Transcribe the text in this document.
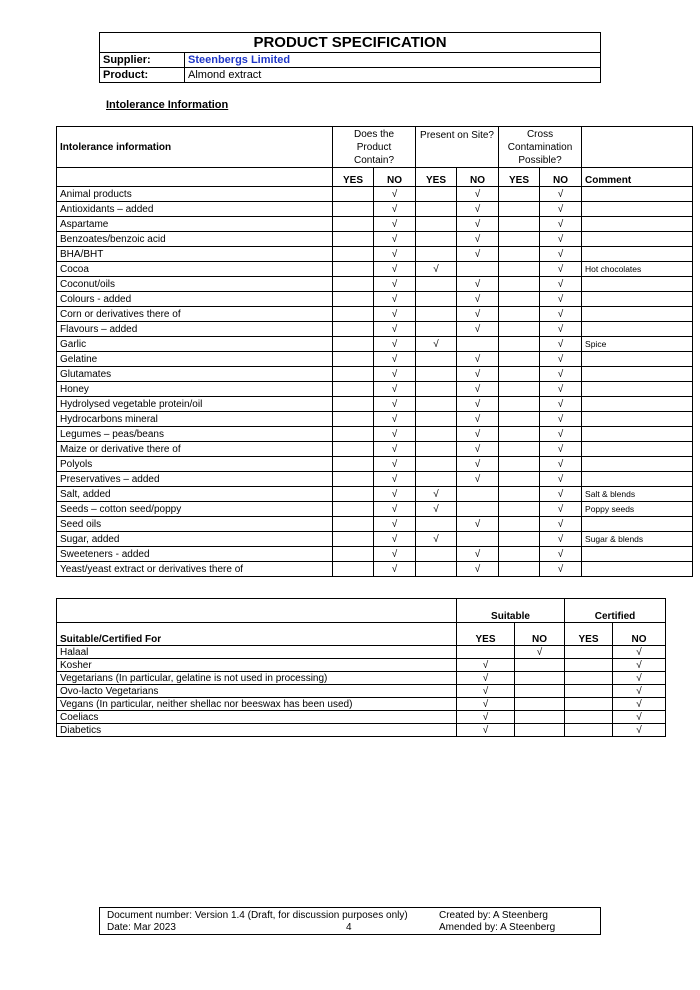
PRODUCT SPECIFICATION	
Supplier:	Steenbergs Limited
Product:	Almond extract
Intolerance Information
Intolerance information	Does the Product Contain?		Present on Site?		Cross Contamination Possible?		
	YES	NO	YES	NO	YES	NO	Comment
Animal products		√		√		√	
Antioxidants – added		√		√		√	
Aspartame		√		√		√	
Benzoates/benzoic acid		√		√		√	
BHA/BHT		√		√		√	
Cocoa		√	√			√	Hot chocolates
Coconut/oils		√		√		√	
Colours - added		√		√		√	
Corn or derivatives there of		√		√		√	
Flavours – added		√		√		√	
Garlic		√	√			√	Spice
Gelatine		√		√		√	
Glutamates		√		√		√	
Honey		√		√		√	
Hydrolysed vegetable protein/oil		√		√		√	
Hydrocarbons mineral		√		√		√	
Legumes – peas/beans		√		√		√	
Maize or derivative there of		√		√		√	
Polyols		√		√		√	
Preservatives – added		√		√		√	
Salt, added		√	√			√	Salt & blends
Seeds – cotton seed/poppy		√	√			√	Poppy seeds
Seed oils		√		√		√	
Sugar, added		√	√			√	Sugar & blends
Sweeteners - added		√		√		√	
Yeast/yeast extract or derivatives there of		√		√		√	
	Suitable		Certified	
Suitable/Certified For	YES	NO	YES	NO
Halaal		√		√
Kosher	√			√
Vegetarians (In particular, gelatine is not used in processing)	√			√
Ovo-lacto Vegetarians	√			√
Vegans (In particular, neither shellac nor beeswax has been used)	√			√
Coeliacs	√			√
Diabetics	√			√
Document number: Version 1.4 (Draft, for discussion purposes only)
Date: Mar 2023	4
Created by: A Steenberg
Amended by: A Steenberg
